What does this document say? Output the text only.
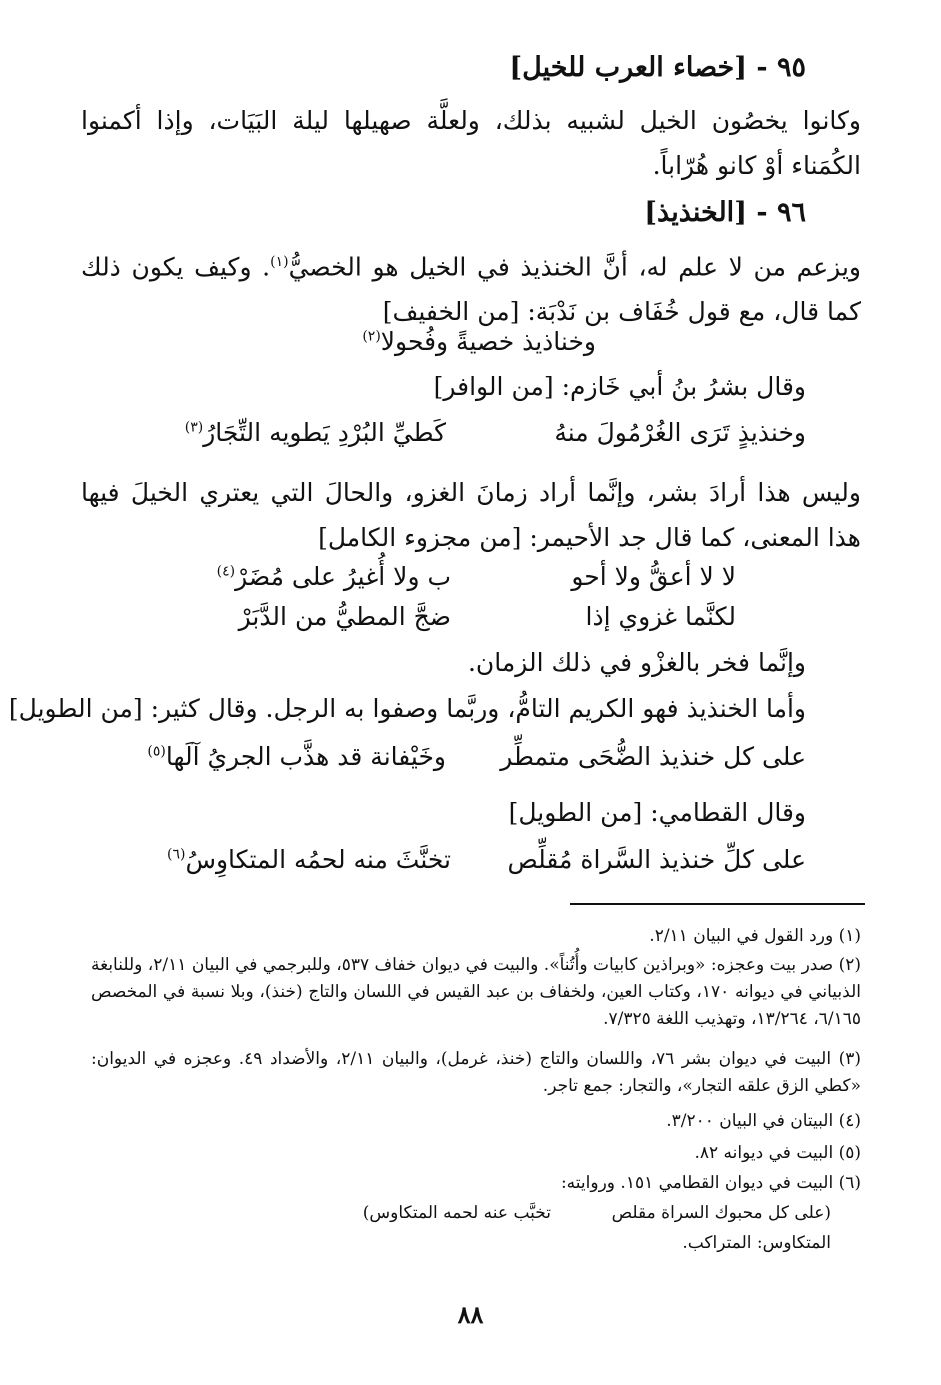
٩٥ - [خصاء العرب للخيل]
وكانوا يخصُون الخيل لشبيه بذلك، ولعلَّة صهيلها ليلة البَيَات، وإذا أكمنوا الكُمَناء أوْ كانو هُرّاباً.
٩٦ - [الخنذيذ]
ويزعم من لا علم له، أنَّ الخنذيذ في الخيل هو الخصيُّ$^{(١)}$. وكيف يكون ذلك كما قال، مع قول خُفَاف بن نَدْبَة: [من الخفيف]
وخناذيذ خصيةً وفُحولا$^{(٢)}$
وقال بشرُ بنُ أبي خَازم: [من الوافر]
وخنذيذٍ تَرَى الغُرْمُولَ منهُ
كَطيِّ البُرْدِ يَطويه التِّجَارُ$^{(٣)}$
وليس هذا أرادَ بشر، وإنَّما أراد زمانَ الغزو، والحالَ التي يعتري الخيلَ فيها هذا المعنى، كما قال جد الأحيمر: [من مجزوء الكامل]
لا لا أعقُّ ولا أحو
ب ولا أُغيرُ على مُضَرْ$^{(٤)}$
لكنَّما غزوي إذا
ضجَّ المطيُّ من الدَّبَرْ
وإنَّما فخر بالغزْو في ذلك الزمان.
وأما الخنذيذ فهو الكريم التامُّ، وربَّما وصفوا به الرجل. وقال كثير: [من الطويل]
على كل خنذيذ الضُّحَى متمطِّر
وخَيْفانة قد هذَّب الجريُ آلَها$^{(٥)}$
وقال القطامي: [من الطويل]
على كلِّ خنذيذ السَّراة مُقلِّص
تخنَّثَ منه لحمُه المتكاوِسُ$^{(٦)}$
(١) ورد القول في البيان ٢/١١.
(٢) صدر بيت وعجزه: «وبراذين كابيات وأُتُناً». والبيت في ديوان خفاف ٥٣٧، وللبرجمي في البيان ٢/١١، وللنابغة الذبياني في ديوانه ١٧٠، وكتاب العين، ولخفاف بن عبد القيس في اللسان والتاج (خنذ)، وبلا نسبة في المخصص ٦/١٦٥، ١٣/٢٦٤، وتهذيب اللغة ٧/٣٢٥.
(٣) البيت في ديوان بشر ٧٦، واللسان والتاج (خنذ، غرمل)، والبيان ٢/١١، والأضداد ٤٩. وعجزه في الديوان: «كطي الزق علقه التجار»، والتجار: جمع تاجر.
(٤) البيتان في البيان ٣/٢٠٠.
(٥) البيت في ديوانه ٨٢.
(٦) البيت في ديوان القطامي ١٥١. وروايته:
(على كل محبوك السراة مقلص
تخبَّب عنه لحمه المتكاوس)
المتكاوس: المتراكب.
٨٨
